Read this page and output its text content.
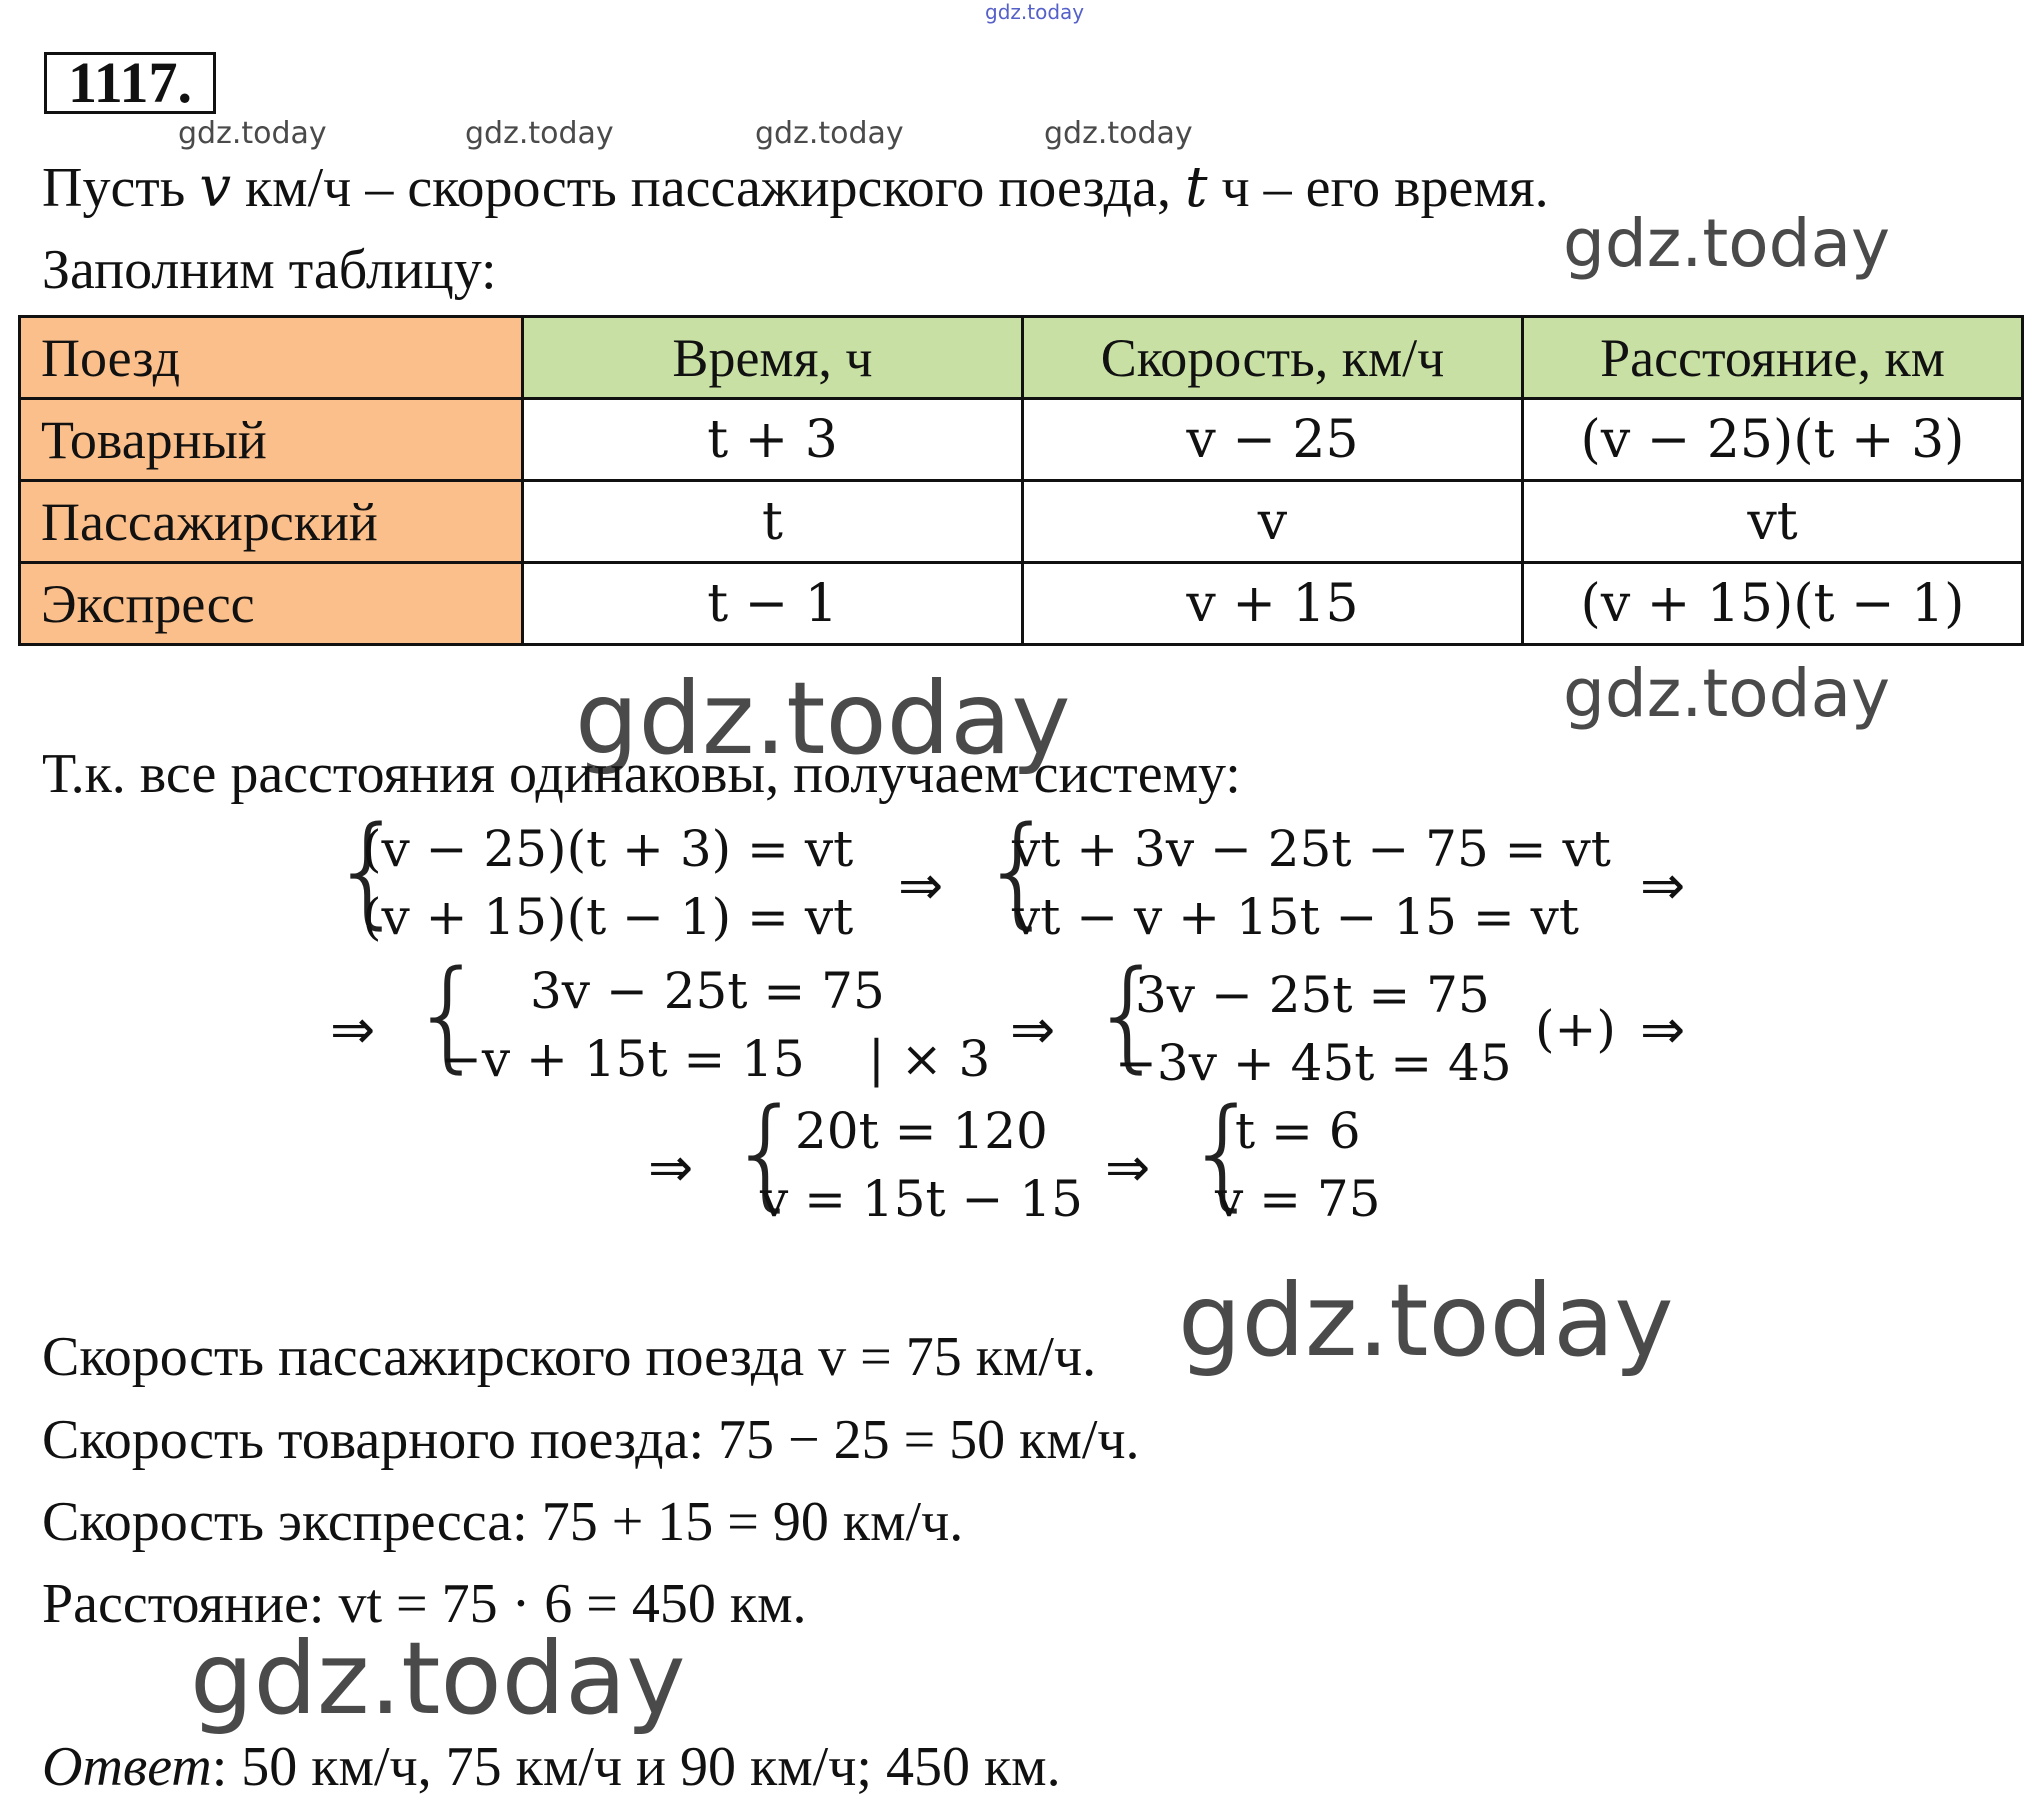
gdz.today
gdz.today	gdz.today	gdz.today	gdz.today
gdz.today
gdz.today
gdz.today
gdz.today
gdz.today
1117.
Пусть v км/ч – скорость пассажирского поезда, t ч – его время.
Заполним таблицу:
Поезд	Время, ч	Скорость, км/ч	Расстояние, км
Товарный	t + 3	v − 25	(v − 25)(t + 3)
Пассажирский	t	v	vt
Экспресс	t − 1	v + 15	(v + 15)(t − 1)
Т.к. все расстояния одинаковы, получаем систему:
{
(v − 25)(t + 3) = vt
(v + 15)(t − 1) = vt ⇒ {
vt + 3v − 25t − 75 = vt
vt − v + 15t − 15 = vt ⇒
⇒ { 3v − 25t = 75
−v + 15t = 15 | × 3 ⇒ {
3v − 25t = 75
−3v + 45t = 45
(+) ⇒
⇒ {
20t = 120
v = 15t − 15 ⇒ {
t = 6
v = 75
Скорость пассажирского поезда v = 75 км/ч.
Скорость товарного поезда: 75 − 25 = 50 км/ч.
Скорость экспресса: 75 + 15 = 90 км/ч.
Расстояние: vt = 75 · 6 = 450 км.
Ответ: 50 км/ч, 75 км/ч и 90 км/ч; 450 км.
